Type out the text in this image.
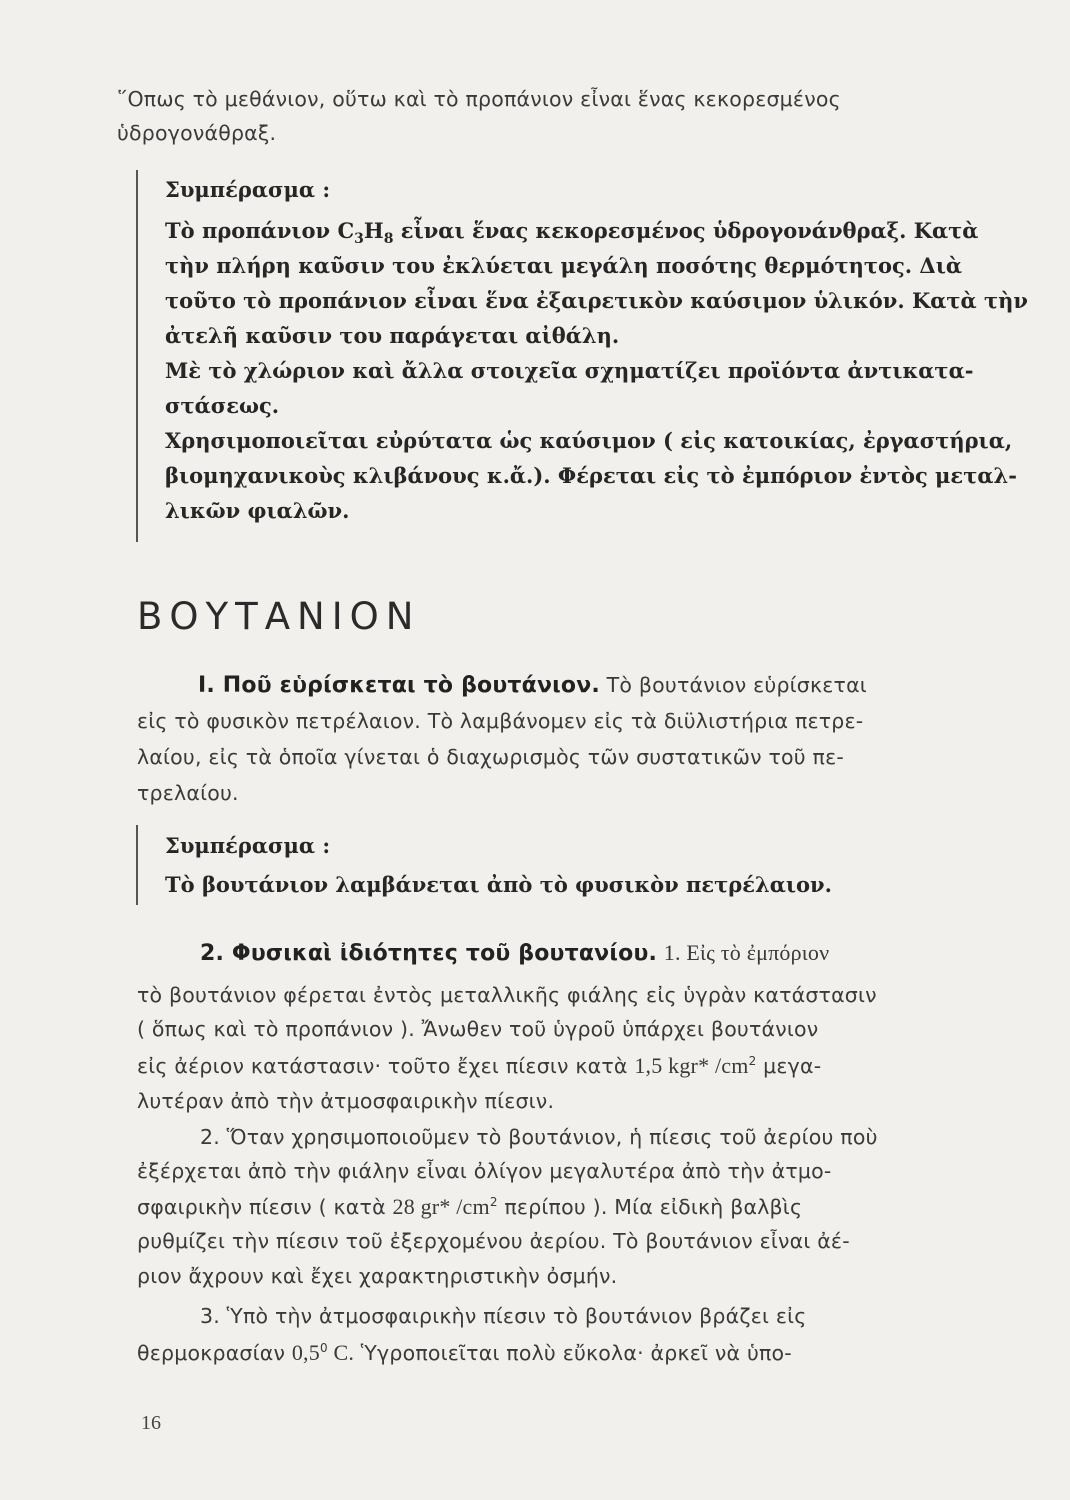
῞Οπως τὸ μεθάνιον, οὕτω καὶ τὸ προπάνιον εἶναι ἕνας κεκορεσμένος
ὑδρογονάθραξ.
Συμπέρασμα :
Τὸ προπάνιον $C_3H_8$ εἶναι ἕνας κεκορεσμένος ὑδρογονάνθραξ. Κατὰ
τὴν πλήρη καῦσιν του ἐκλύεται μεγάλη ποσότης θερμότητος. Διὰ
τοῦτο τὸ προπάνιον εἶναι ἕνα ἐξαιρετικὸν καύσιμον ὑλικόν. Κατὰ τὴν
ἀτελῆ καῦσιν του παράγεται αἰθάλη.
Μὲ τὸ χλώριον καὶ ἄλλα στοιχεῖα σχηματίζει προϊόντα ἀντικατα-
στάσεως.
Χρησιμοποιεῖται εὐρύτατα ὡς καύσιμον ( εἰς κατοικίας, ἐργαστήρια,
βιομηχανικοὺς κλιβάνους κ.ἄ.). Φέρεται εἰς τὸ ἐμπόριον ἐντὸς μεταλ-
λικῶν φιαλῶν.
ΒΟΥΤΑΝΙΟΝ
Ι. Ποῦ εὑρίσκεται τὸ βουτάνιον. Τὸ βουτάνιον εὑρίσκεται
εἰς τὸ φυσικὸν πετρέλαιον. Τὸ λαμβάνομεν εἰς τὰ διϋλιστήρια πετρε-
λαίου, εἰς τὰ ὁποῖα γίνεται ὁ διαχωρισμὸς τῶν συστατικῶν τοῦ πε-
τρελαίου.
Συμπέρασμα :
Τὸ βουτάνιον λαμβάνεται ἀπὸ τὸ φυσικὸν πετρέλαιον.
2. Φυσικαὶ ἰδιότητες τοῦ βουτανίου. 1. Εἰς τὸ ἐμπόριον
τὸ βουτάνιον φέρεται ἐντὸς μεταλλικῆς φιάλης εἰς ὑγρὰν κατάστασιν
( ὅπως καὶ τὸ προπάνιον ). Ἄνωθεν τοῦ ὑγροῦ ὑπάρχει βουτάνιον
εἰς ἀέριον κατάστασιν· τοῦτο ἔχει πίεσιν κατὰ 1,5 kgr* $/cm^2$ μεγα-
λυτέραν ἀπὸ τὴν ἀτμοσφαιρικὴν πίεσιν.
2. Ὅταν χρησιμοποιοῦμεν τὸ βουτάνιον, ἡ πίεσις τοῦ ἀερίου ποὺ
ἐξέρχεται ἀπὸ τὴν φιάλην εἶναι ὀλίγον μεγαλυτέρα ἀπὸ τὴν ἀτμο-
σφαιρικὴν πίεσιν ( κατὰ 28 gr* $/cm^2$ περίπου ). Μία εἰδικὴ βαλβὶς
ρυθμίζει τὴν πίεσιν τοῦ ἐξερχομένου ἀερίου. Τὸ βουτάνιον εἶναι ἀέ-
ριον ἄχρουν καὶ ἔχει χαρακτηριστικὴν ὀσμήν.
3. Ὑπὸ τὴν ἀτμοσφαιρικὴν πίεσιν τὸ βουτάνιον βράζει εἰς
θερμοκρασίαν $0,5^0$ C. Ὑγροποιεῖται πολὺ εὔκολα· ἀρκεῖ νὰ ὑπο-
16
